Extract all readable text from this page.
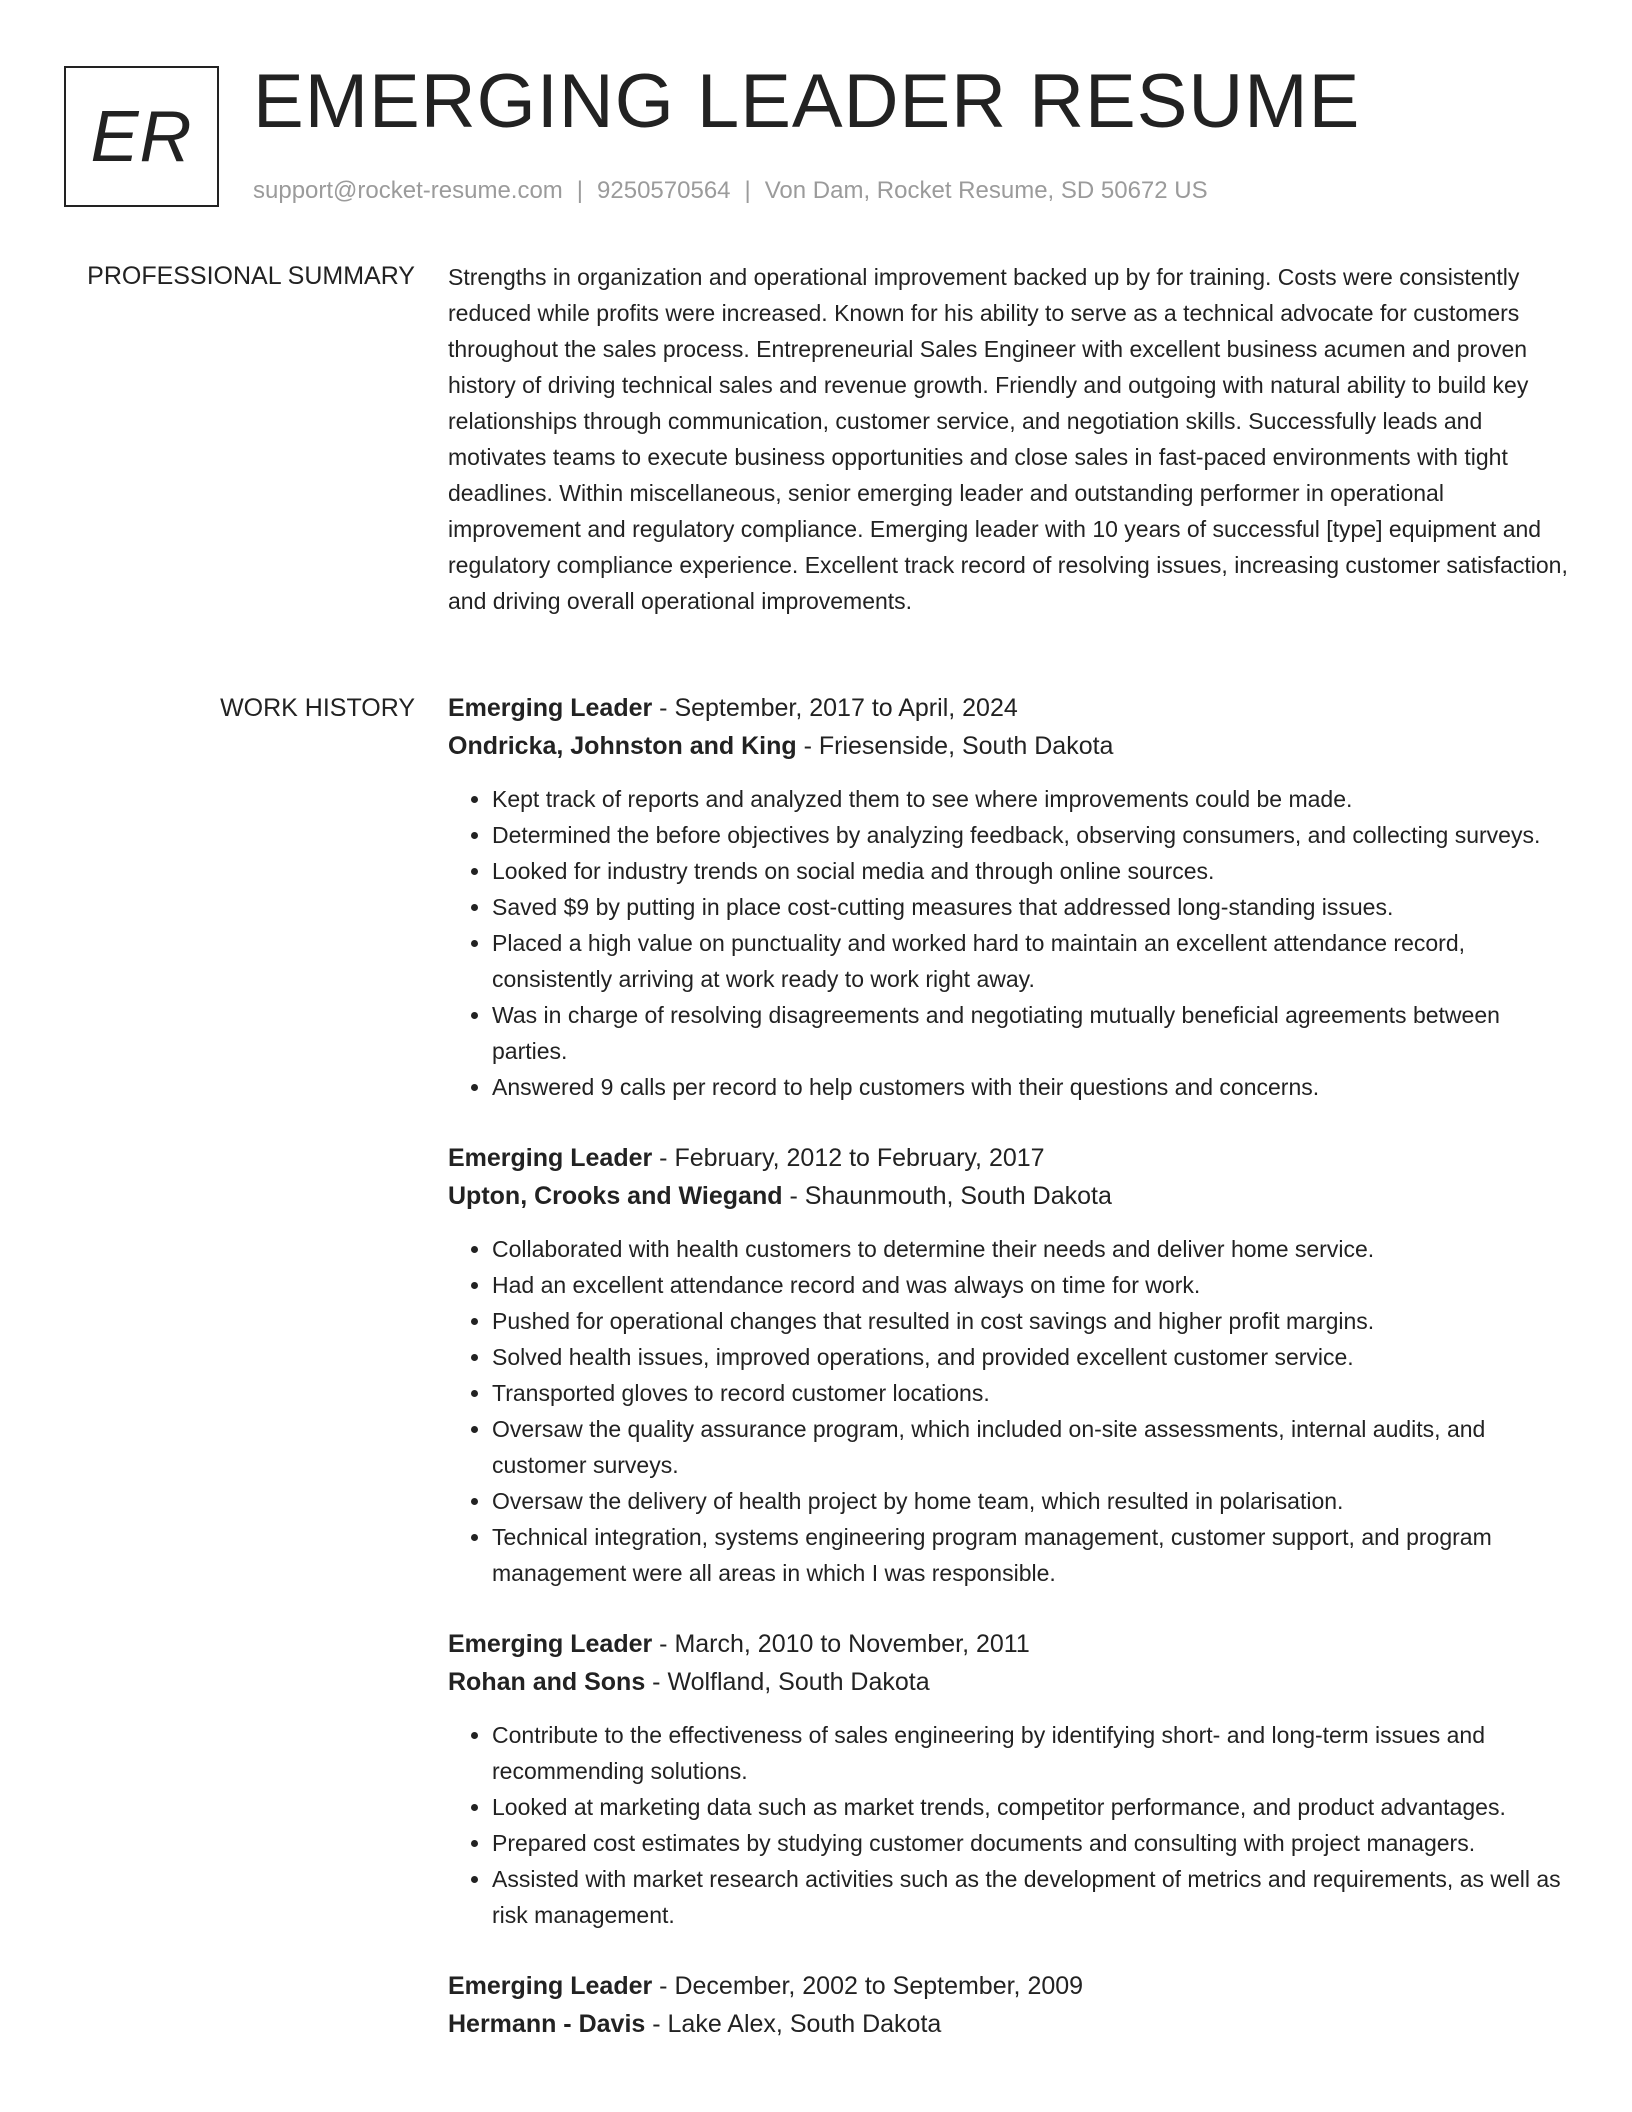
ER EMERGING LEADER RESUME
support@rocket-resume.com | 9250570564 | Von Dam, Rocket Resume, SD 50672 US
PROFESSIONAL SUMMARY Strengths in organization and operational improvement backed up by for training. Costs were consistently reduced while profits were increased. Known for his ability to serve as a technical advocate for customers throughout the sales process. Entrepreneurial Sales Engineer with excellent business acumen and proven history of driving technical sales and revenue growth. Friendly and outgoing with natural ability to build key relationships through communication, customer service, and negotiation skills. Successfully leads and motivates teams to execute business opportunities and close sales in fast-paced environments with tight deadlines. Within miscellaneous, senior emerging leader and outstanding performer in operational improvement and regulatory compliance. Emerging leader with 10 years of successful [type] equipment and regulatory compliance experience. Excellent track record of resolving issues, increasing customer satisfaction, and driving overall operational improvements.

WORK HISTORY Emerging Leader - September, 2017 to April, 2024
Ondricka, Johnston and King - Friesenside, South Dakota
• Kept track of reports and analyzed them to see where improvements could be made.
• Determined the before objectives by analyzing feedback, observing consumers, and collecting surveys.
• Looked for industry trends on social media and through online sources.
• Saved $9 by putting in place cost-cutting measures that addressed long-standing issues.
• Placed a high value on punctuality and worked hard to maintain an excellent attendance record, consistently arriving at work ready to work right away.
• Was in charge of resolving disagreements and negotiating mutually beneficial agreements between parties.
• Answered 9 calls per record to help customers with their questions and concerns.
Emerging Leader - February, 2012 to February, 2017
Upton, Crooks and Wiegand - Shaunmouth, South Dakota
• Collaborated with health customers to determine their needs and deliver home service.
• Had an excellent attendance record and was always on time for work.
• Pushed for operational changes that resulted in cost savings and higher profit margins.
• Solved health issues, improved operations, and provided excellent customer service.
• Transported gloves to record customer locations.
• Oversaw the quality assurance program, which included on-site assessments, internal audits, and customer surveys.
• Oversaw the delivery of health project by home team, which resulted in polarisation.
• Technical integration, systems engineering program management, customer support, and program management were all areas in which I was responsible.
Emerging Leader - March, 2010 to November, 2011
Rohan and Sons - Wolfland, South Dakota
• Contribute to the effectiveness of sales engineering by identifying short- and long-term issues and recommending solutions.
• Looked at marketing data such as market trends, competitor performance, and product advantages.
• Prepared cost estimates by studying customer documents and consulting with project managers.
• Assisted with market research activities such as the development of metrics and requirements, as well as risk management.
Emerging Leader - December, 2002 to September, 2009
Hermann - Davis - Lake Alex, South Dakota
